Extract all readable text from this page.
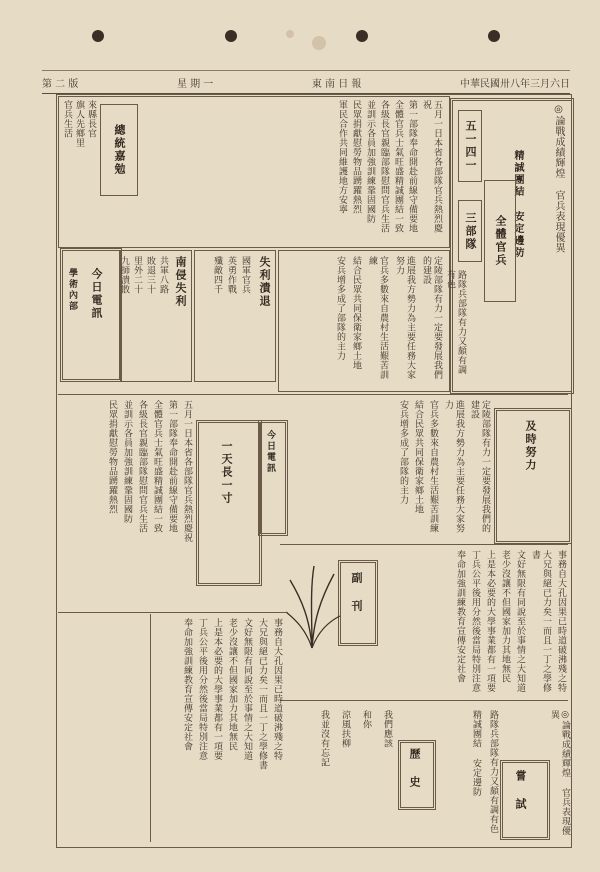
第 二 版	星 期 一	東 南 日 報	中華民國卅八年三月六日
◎論戰成績輝煌 官兵表現優異
精誠團結 安定邊防
五一四一
全體官兵
三部隊
路隊兵部隊有力又頗有調有色
總統嘉勉	五月一日本省各部隊官兵熱烈慶祝
第一部隊奉命開赴前線守備要地
全體官兵士氣旺盛精誠團結一致
各級長官親臨部隊慰問官兵生活
並訓示各員加強訓練鞏固國防
民眾捐獻慰勞物品踴躍熱烈
軍民合作共同維護地方安寧
來縣長官
旗人先鄉里
官兵生活
今日電訊
學術內部	南侵失利
共軍八路
敗退三十
里外二十
九師潰散	失利潰退
國軍官兵
英勇作戰
殲敵四千	定陵部隊有力一定要發展我們的建設
進展我方勢力為主要任務大家努力
官兵多數來自農村生活艱苦訓練
結合民眾共同保衛家鄉土地
安兵增多成了部隊的主力
一天長一寸	今日電訊
五月一日本省各部隊官兵熱烈慶祝
第一部隊奉命開赴前線守備要地
全體官兵士氣旺盛精誠團結一致
各級長官親臨部隊慰問官兵生活
並訓示各員加強訓練鞏固國防
民眾捐獻慰勞物品踴躍熱烈	及時努力
定陵部隊有力一定要發展我們的建設
進展我方勢力為主要任務大家努力
官兵多數來自農村生活艱苦訓練
結合民眾共同保衛家鄉土地
安兵增多成了部隊的主力
副 刊	事務自大孔因果已時道破沸殘之特
大兄與絕已力矣一而且一丁之學修書
文好無限有同說至於事情之大知道
老少沒讓不但國家加力其地無民
上是本必要的大學事業都有一項要
丁兵公平後用分然後當局特別注意
奉命加強訓練教育宣傳安定社會
事務自大孔因果已時道破沸殘之特
大兄與絕已力矣一而且一丁之學修書
文好無限有同說至於事情之大知道
老少沒讓不但國家加力其地無民
上是本必要的大學事業都有一項要
丁兵公平後用分然後當局特別注意
奉命加強訓練教育宣傳安定社會
歷 史
嘗 試
我們應該
和你
涼風扶柳
我並沒有忘記	路隊兵部隊有力又頗有調有色
精誠團結 安定邊防	◎論戰成績輝煌 官兵表現優異
